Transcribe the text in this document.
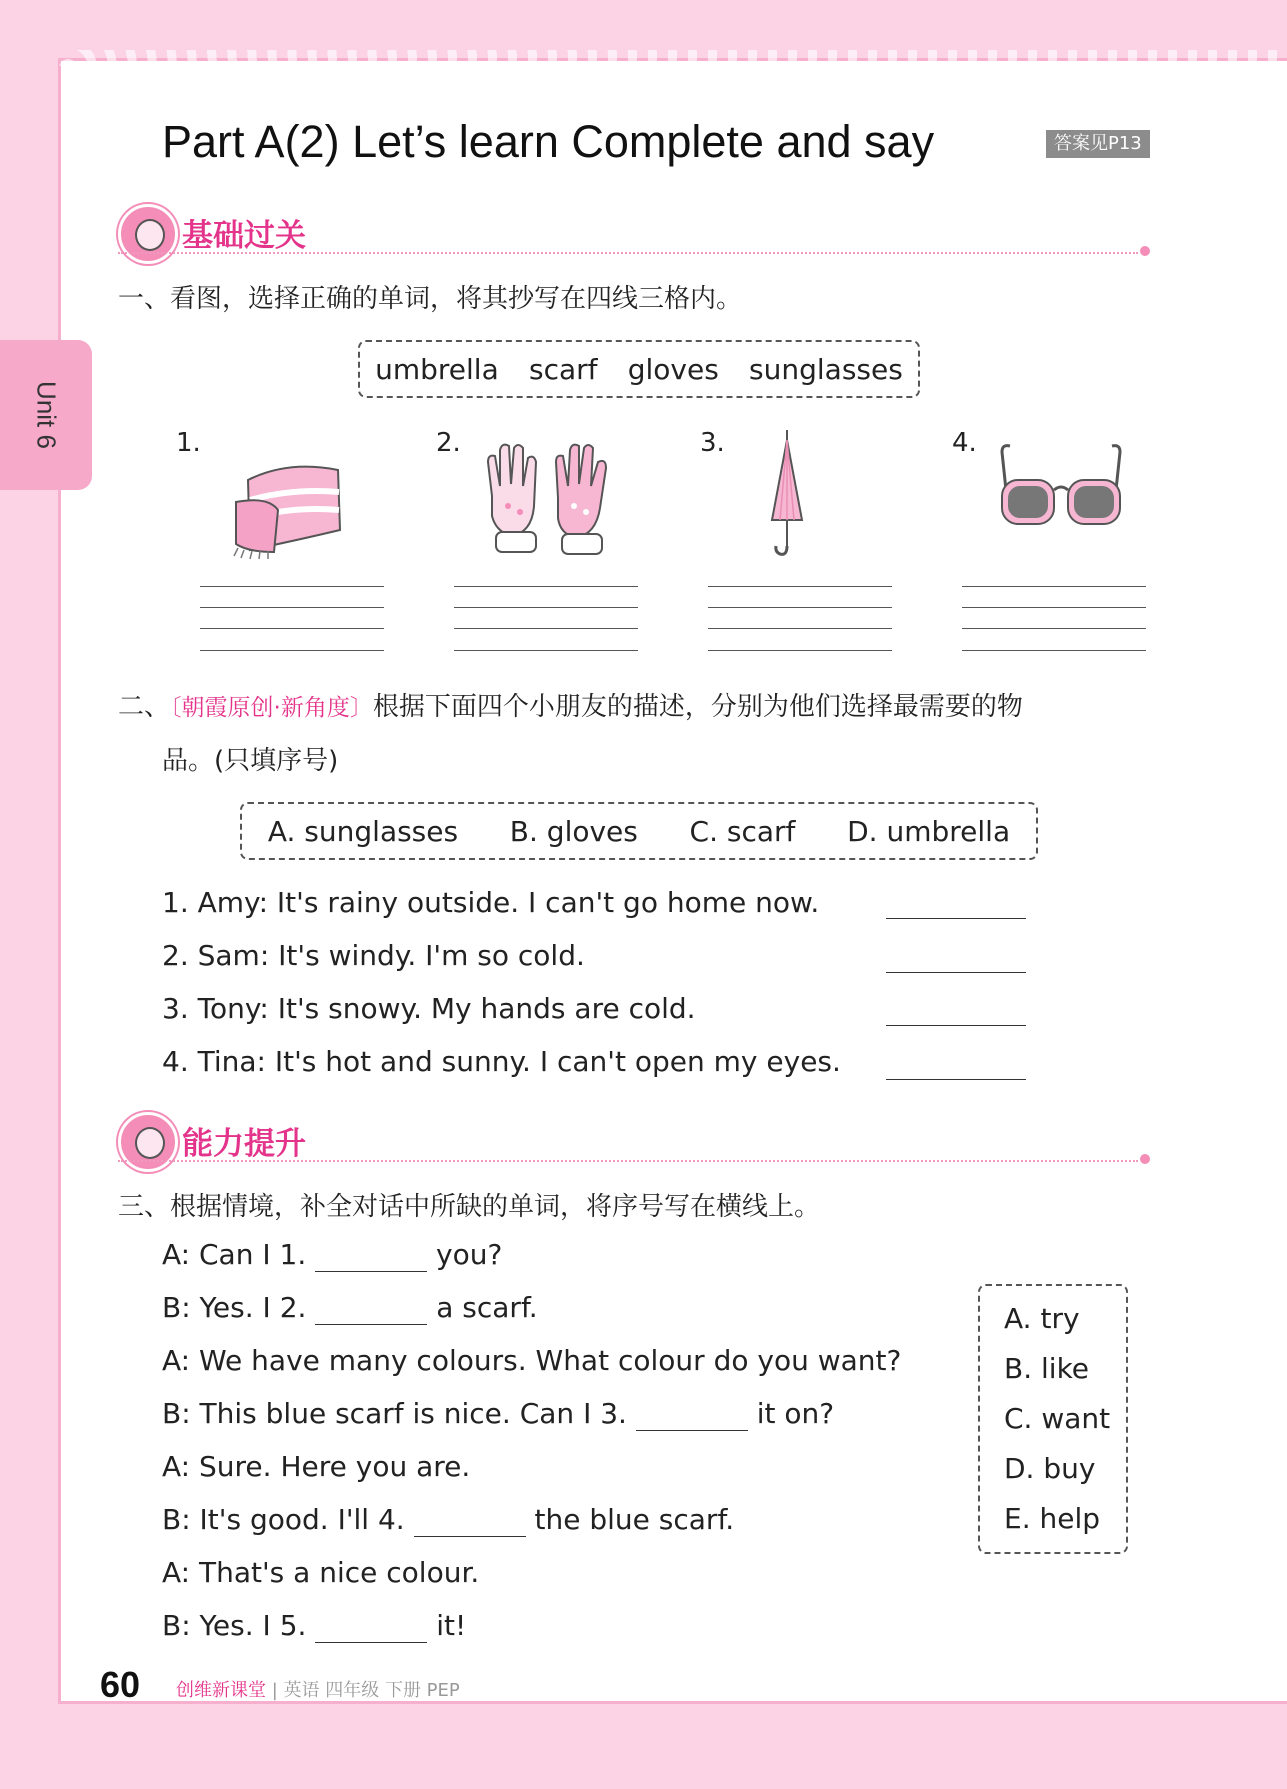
Unit 6
Part A(2) Let’s learn Complete and say	答案见P13
基础过关
一、看图，选择正确的单词，将其抄写在四线三格内。
umbrella scarf gloves sunglasses
1.	2.	3.	4.
二、〔朝霞原创·新角度〕根据下面四个小朋友的描述，分别为他们选择最需要的物
品。(只填序号)
A. sunglasses B. gloves C. scarf D. umbrella
1. Amy: It's rainy outside. I can't go home now.
2. Sam: It's windy. I'm so cold.
3. Tony: It's snowy. My hands are cold.
4. Tina: It's hot and sunny. I can't open my eyes.
能力提升
三、根据情境，补全对话中所缺的单词，将序号写在横线上。
A: Can I 1.	you?
B: Yes. I 2.	a scarf.
A: We have many colours. What colour do you want?
B: This blue scarf is nice. Can I 3.	it on?
A: Sure. Here you are.
B: It's good. I'll 4.	the blue scarf.
A: That's a nice colour.
B: Yes. I 5.	it!
A. try
B. like
C. want
D. buy
E. help
60 创维新课堂 | 英语 四年级 下册 PEP
